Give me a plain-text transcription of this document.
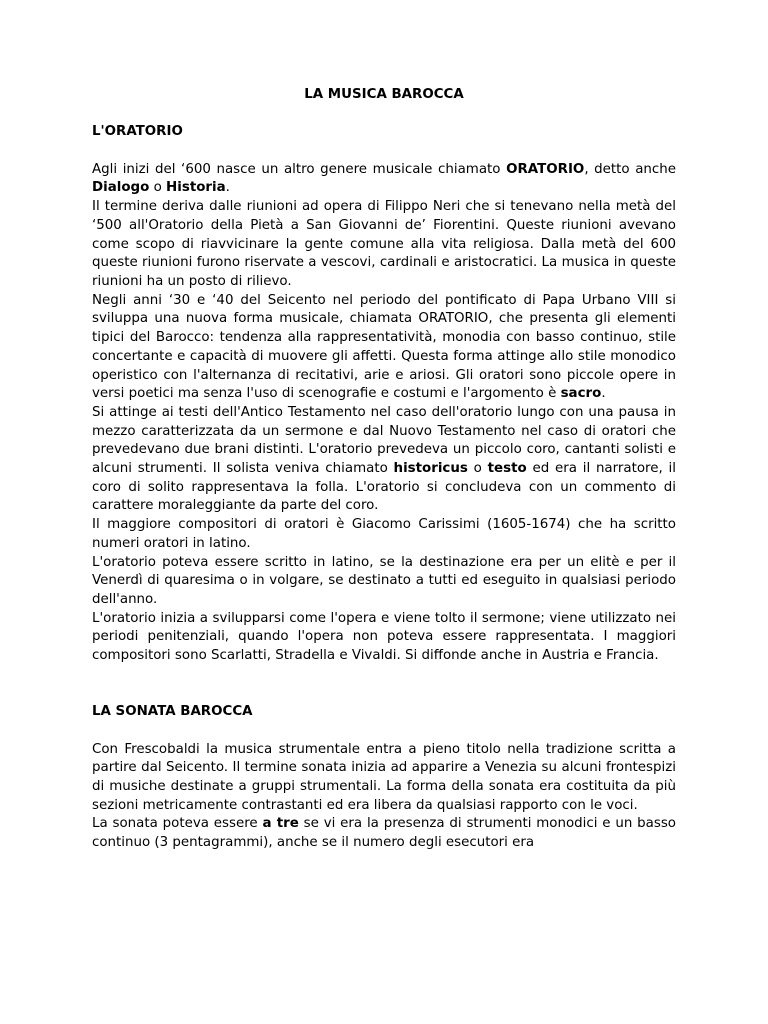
LA MUSICA BAROCCA

L'ORATORIO

Agli inizi del ‘600 nasce un altro genere musicale chiamato ORATORIO, detto anche Dialogo o Historia.

Il termine deriva dalle riunioni ad opera di Filippo Neri che si tenevano nella metà del ‘500 all'Oratorio della Pietà a San Giovanni de’ Fiorentini. Queste riunioni avevano come scopo di riavvicinare la gente comune alla vita religiosa. Dalla metà del 600 queste riunioni furono riservate a vescovi, cardinali e aristocratici. La musica in queste riunioni ha un posto di rilievo.

Negli anni ‘30 e ‘40 del Seicento nel periodo del pontificato di Papa Urbano VIII si sviluppa una nuova forma musicale, chiamata ORATORIO, che presenta gli elementi tipici del Barocco: tendenza alla rappresentatività, monodia con basso continuo, stile concertante e capacità di muovere gli affetti. Questa forma attinge allo stile monodico operistico con l'alternanza di recitativi, arie e ariosi. Gli oratori sono piccole opere in versi poetici ma senza l'uso di scenografie e costumi e l'argomento è sacro.

Si attinge ai testi dell'Antico Testamento nel caso dell'oratorio lungo con una pausa in mezzo caratterizzata da un sermone e dal Nuovo Testamento nel caso di oratori che prevedevano due brani distinti. L'oratorio prevedeva un piccolo coro, cantanti solisti e alcuni strumenti. Il solista veniva chiamato historicus o testo ed era il narratore, il coro di solito rappresentava la folla. L'oratorio si concludeva con un commento di carattere moraleggiante da parte del coro.

Il maggiore compositori di oratori è Giacomo Carissimi (1605-1674) che ha scritto numeri oratori in latino.

L'oratorio poteva essere scritto in latino, se la destinazione era per un elitè e per il Venerdì di quaresima o in volgare, se destinato a tutti ed eseguito in qualsiasi periodo dell'anno.

L'oratorio inizia a svilupparsi come l'opera e viene tolto il sermone; viene utilizzato nei periodi penitenziali, quando l'opera non poteva essere rappresentata. I maggiori compositori sono Scarlatti, Stradella e Vivaldi. Si diffonde anche in Austria e Francia.

LA SONATA BAROCCA

Con Frescobaldi la musica strumentale entra a pieno titolo nella tradizione scritta a partire dal Seicento. Il termine sonata inizia ad apparire a Venezia su alcuni frontespizi di musiche destinate a gruppi strumentali. La forma della sonata era costituita da più sezioni metricamente contrastanti ed era libera da qualsiasi rapporto con le voci.

La sonata poteva essere a tre se vi era la presenza di strumenti monodici e un basso continuo (3 pentagrammi), anche se il numero degli esecutori era
